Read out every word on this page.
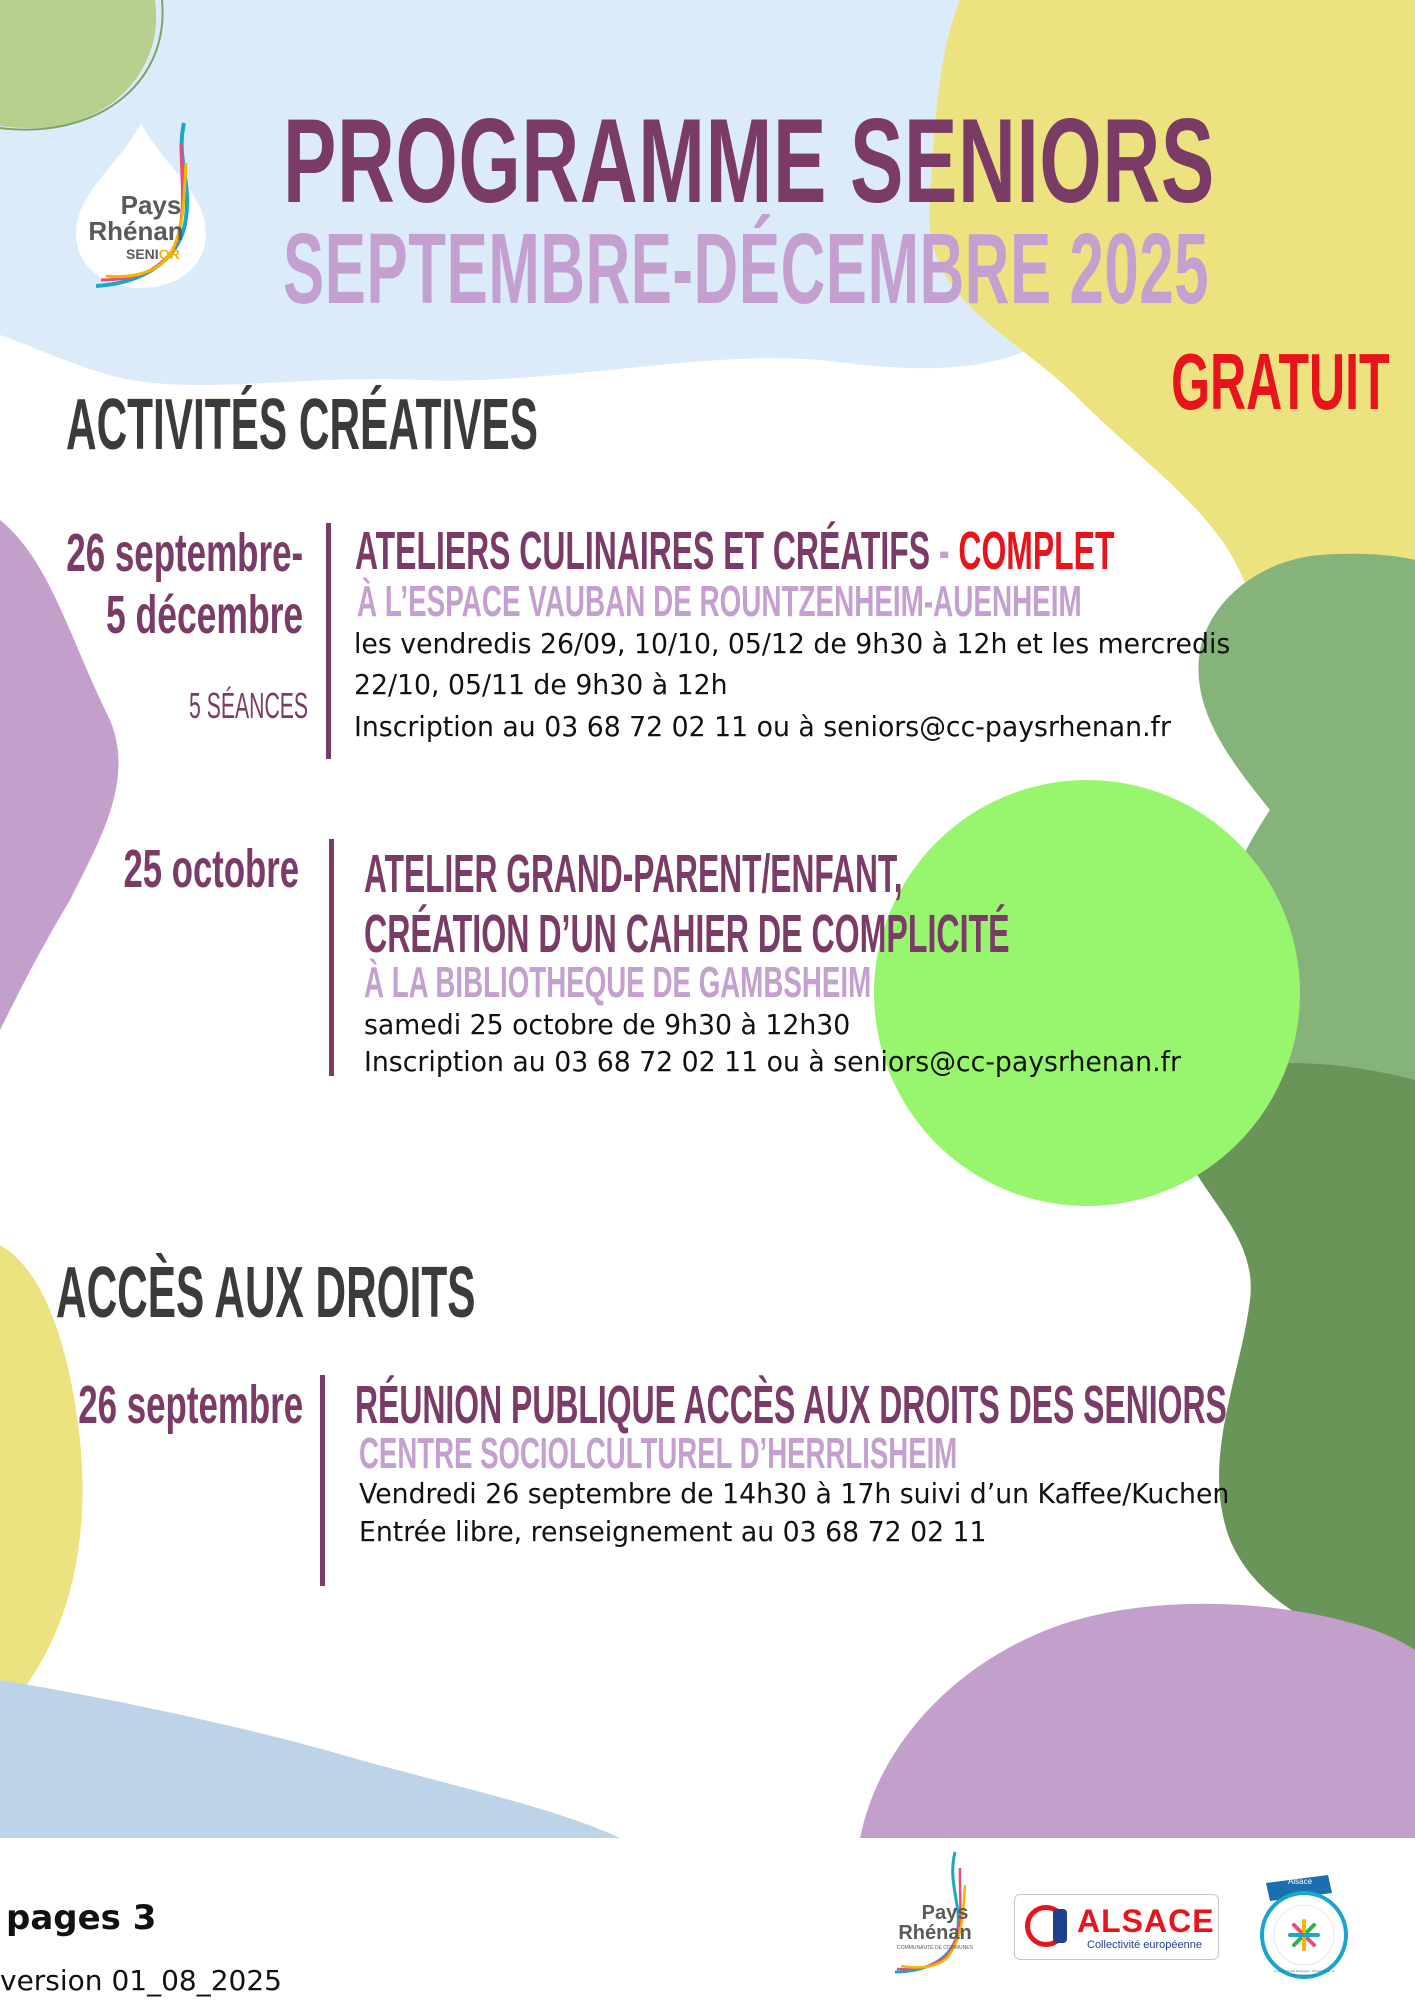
Pays
Rhénan
SENIOR
PROGRAMME SENIORS
SEPTEMBRE-DÉCEMBRE 2025
GRATUIT
ACTIVITÉS CRÉATIVES
26 septembre-
5 décembre
5 SÉANCES
ATELIERS CULINAIRES ET CRÉATIFS - COMPLET
À L’ESPACE VAUBAN DE ROUNTZENHEIM-AUENHEIM
les vendredis 26/09, 10/10, 05/12 de 9h30 à 12h et les mercredis
22/10, 05/11 de 9h30 à 12h
Inscription au 03 68 72 02 11 ou à seniors@cc-paysrhenan.fr
25 octobre ATELIER GRAND-PARENT/ENFANT,
CRÉATION D’UN CAHIER DE COMPLICITÉ
À LA BIBLIOTHEQUE DE GAMBSHEIM
samedi 25 octobre de 9h30 à 12h30
Inscription au 03 68 72 02 11 ou à seniors@cc-paysrhenan.fr
ACCÈS AUX DROITS
26 septembre RÉUNION PUBLIQUE ACCÈS AUX DROITS DES SENIORS
CENTRE SOCIOLCULTUREL D’HERRLISHEIM
Vendredi 26 septembre de 14h30 à 17h suivi d’un Kaffee/Kuchen
Entrée libre, renseignement au 03 68 72 02 11
pages 3
version 01_08_2025
Pays
Rhénan
COMMUNAUTÉ DE COMMUNES
ALSACE
Collectivité européenne
Alsace
Conférence des financeurs · Prévention de la perte d’autonomie
